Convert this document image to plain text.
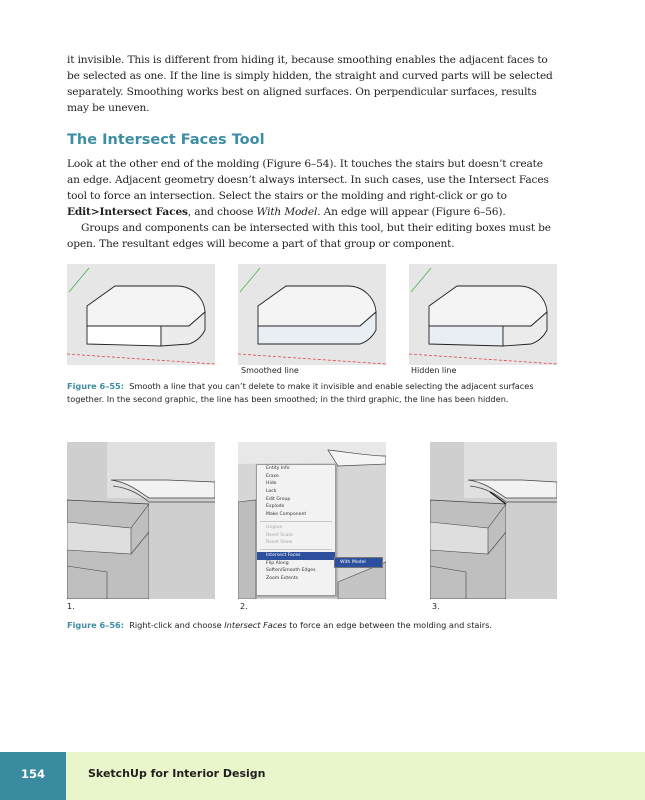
it invisible. This is different from hiding it, because smoothing enables the adjacent faces to be selected as one. If the line is simply hidden, the straight and curved parts will be selected separately. Smoothing works best on aligned surfaces. On perpendicular surfaces, results may be uneven.

The Intersect Faces Tool

Look at the other end of the molding (Figure 6–54). It touches the stairs but doesn’t create an edge. Adjacent geometry doesn’t always intersect. In such cases, use the Intersect Faces tool to force an intersection. Select the stairs or the molding and right-click or go to Edit>Intersect Faces, and choose With Model. An edge will appear (Figure 6–56).

Groups and components can be intersected with this tool, but their editing boxes must be open. The resultant edges will become a part of that group or component.

Smoothed line	Hidden line

Figure 6–55: Smooth a line that you can’t delete to make it invisible and enable selecting the adjacent surfaces together. In the second graphic, the line has been smoothed; in the third graphic, the line has been hidden.

Entity Info
Erase
Hide
Lock
Edit Group
Explode
Make Component
Unglue
Reset Scale
Reset Skew
Intersect Faces
Flip Along
Soften/Smooth Edges
Zoom Extents
With Model
1.	2.	3.

Figure 6–56: Right-click and choose Intersect Faces to force an edge between the molding and stairs.

154	SketchUp for Interior Design
